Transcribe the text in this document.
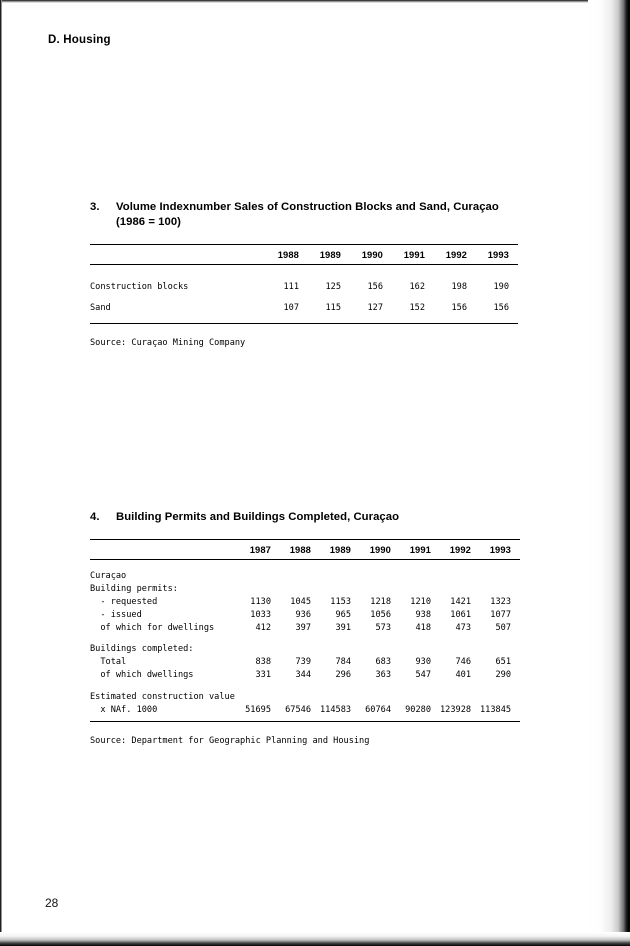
D. Housing
3.	Volume Indexnumber Sales of Construction Blocks and Sand, Curaçao
(1986 = 100)
	1988	1989	1990	1991	1992	1993

Construction blocks	111	125	156	162	198	190
Sand	107	115	127	152	156	156
Source: Curaçao Mining Company
4.	Building Permits and Buildings Completed, Curaçao
	1987	1988	1989	1990	1991	1992	1993

Curaçao							
Building permits:							
- requested	1130	1045	1153	1218	1210	1421	1323
- issued	1033	936	965	1056	938	1061	1077
of which for dwellings	412	397	391	573	418	473	507

Buildings completed:							
Total	838	739	784	683	930	746	651
of which dwellings	331	344	296	363	547	401	290

Estimated construction value							
x NAf. 1000	51695	67546	114583	60764	90280	123928	113845
Source: Department for Geographic Planning and Housing
28
